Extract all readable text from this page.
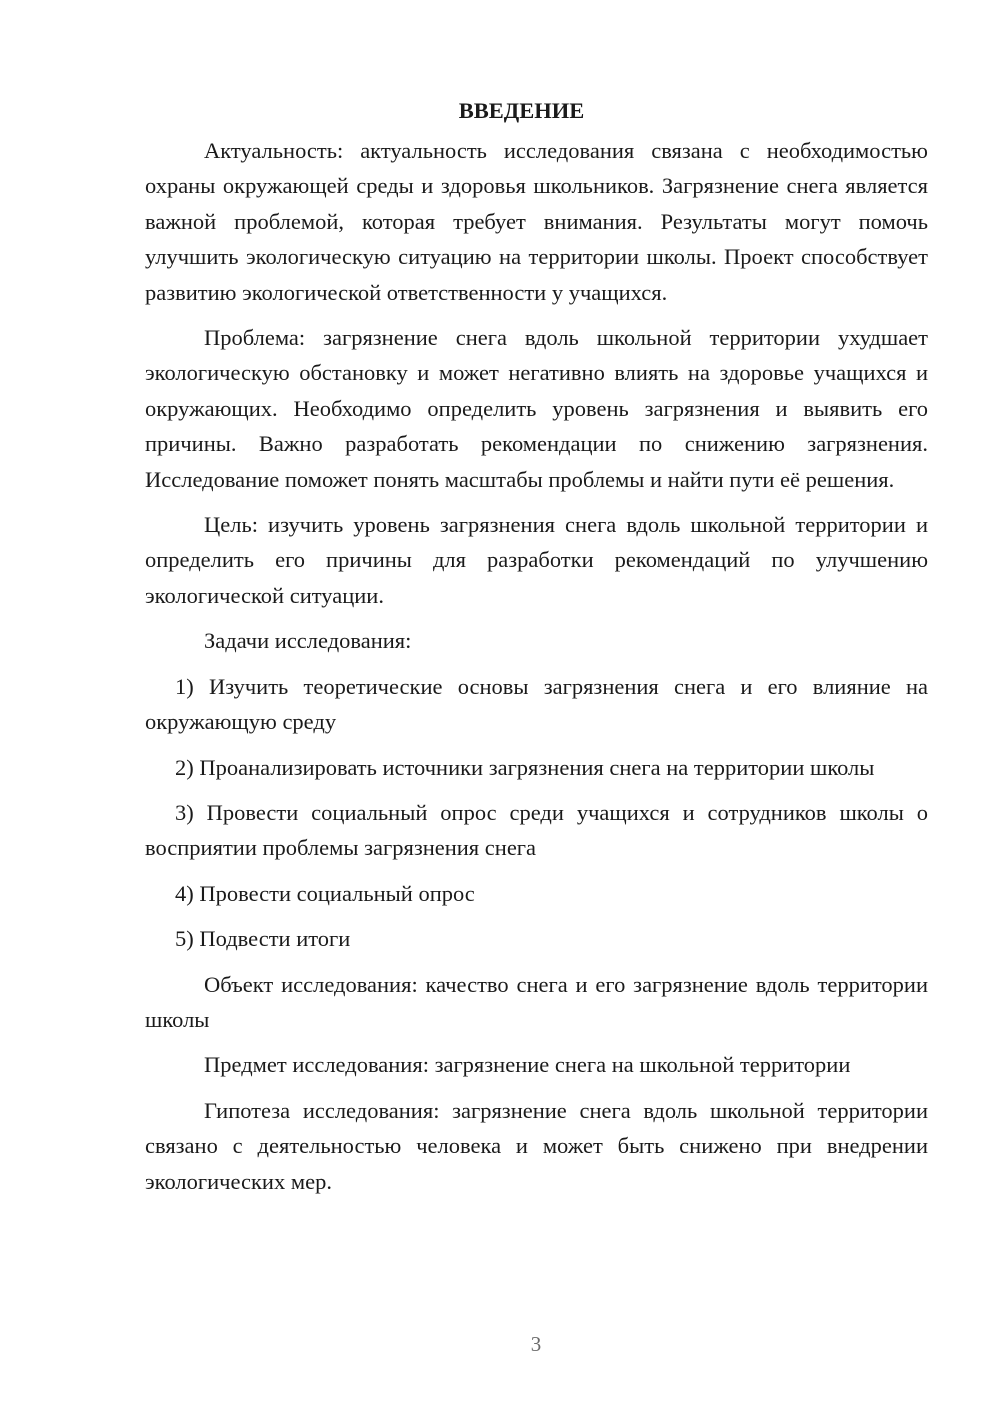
ВВЕДЕНИЕ

Актуальность: актуальность исследования связана с необходимостью охраны окружающей среды и здоровья школьников. Загрязнение снега является важной проблемой, которая требует внимания. Результаты могут помочь улучшить экологическую ситуацию на территории школы. Проект способствует развитию экологической ответственности у учащихся.

Проблема: загрязнение снега вдоль школьной территории ухудшает экологическую обстановку и может негативно влиять на здоровье учащихся и окружающих. Необходимо определить уровень загрязнения и выявить его причины. Важно разработать рекомендации по снижению загрязнения. Исследование поможет понять масштабы проблемы и найти пути её решения.

Цель: изучить уровень загрязнения снега вдоль школьной территории и определить его причины для разработки рекомендаций по улучшению экологической ситуации.

Задачи исследования:

1) Изучить теоретические основы загрязнения снега и его влияние на окружающую среду

2) Проанализировать источники загрязнения снега на территории школы

3) Провести социальный опрос среди учащихся и сотрудников школы о восприятии проблемы загрязнения снега

4) Провести социальный опрос

5) Подвести итоги

Объект исследования: качество снега и его загрязнение вдоль территории школы

Предмет исследования: загрязнение снега на школьной территории

Гипотеза исследования: загрязнение снега вдоль школьной территории связано с деятельностью человека и может быть снижено при внедрении экологических мер.

3
